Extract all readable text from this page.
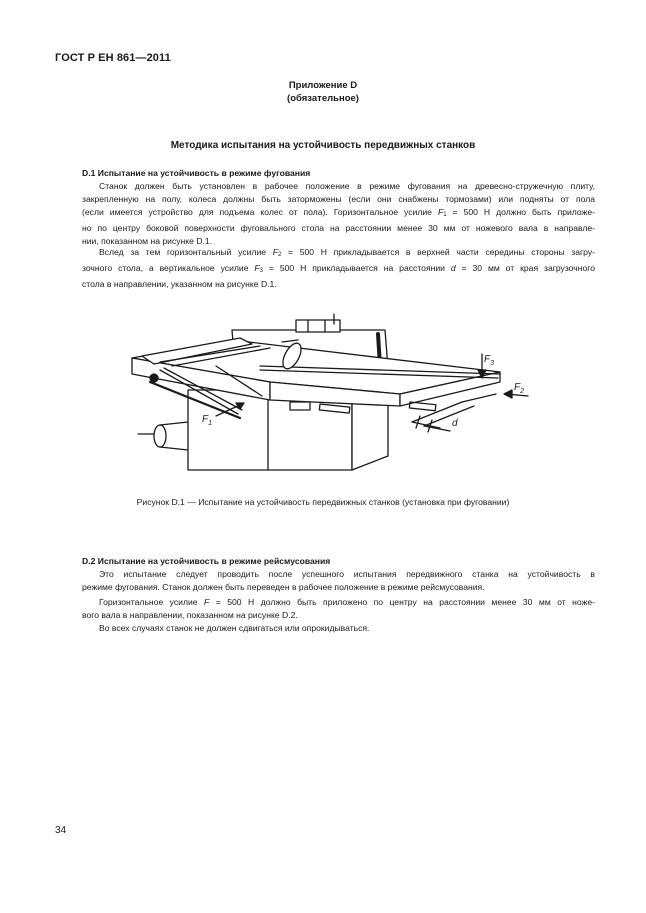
ГОСТ Р ЕН 861—2011
Приложение D
(обязательное)
Методика испытания на устойчивость передвижных станков
D.1 Испытание на устойчивость в режиме фугования
Станок должен быть установлен в рабочее положение в режиме фугования на древесно-стружечную плиту,
закрепленную на полу, колеса должны быть заторможены (если они снабжены тормозами) или подняты от пола
(если имеется устройство для подъема колес от пола). Горизонтальное усилие $F_1 = 500$ Н должно быть приложе-
но по центру боковой поверхности фуговального стола на расстоянии менее 30 мм от ножевого вала в направле-
нии, показанном на рисунке D.1.
Вслед за тем горизонтальный усилие $F_2 = 500$ Н прикладывается в верхней части середины стороны загру-
зочного стола, а вертикальное усилие $F_3 = 500$ Н прикладывается на расстоянии d = 30 мм от края загрузочного
стола в направлении, указанном на рисунке D.1.
$F_3$
$F_2$
$F_1$	d
Рисунок D.1 — Испытание на устойчивость передвижных станков (установка при фуговании)
D.2 Испытание на устойчивость в режиме рейсмусования
Это испытание следует проводить после успешного испытания передвижного станка на устойчивость в
режиме фугования. Станок должен быть переведен в рабочее положение в режиме рейсмусования.
Горизонтальное усилие F = 500 Н должно быть приложено по центру на расстоянии менее 30 мм от ноже-
вого вала в направлении, показанном на рисунке D.2.
Во всех случаях станок не должен сдвигаться или опрокидываться.
34
